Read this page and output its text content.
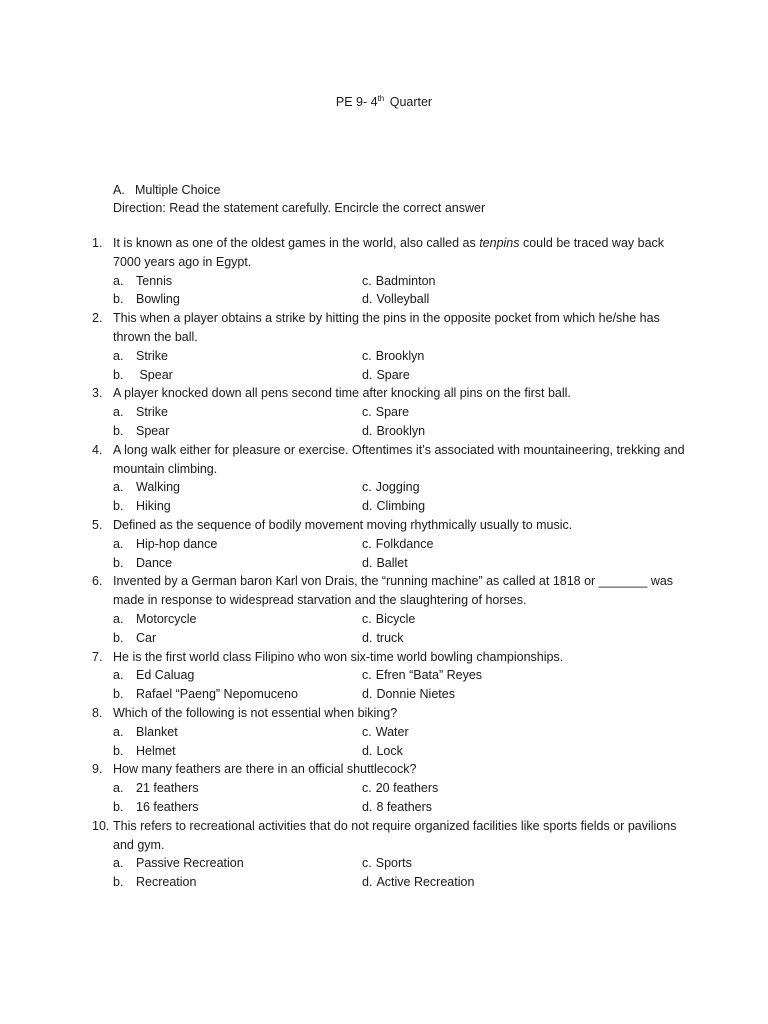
PE 9- 4th Quarter
A. Multiple Choice
Direction: Read the statement carefully. Encircle the correct answer
1. It is known as one of the oldest games in the world, also called as tenpins could be traced way back 7000 years ago in Egypt.
a.	Tennis	c. Badminton
b.	Bowling	d. Volleyball
2. This when a player obtains a strike by hitting the pins in the opposite pocket from which he/she has thrown the ball.
a.	Strike	c. Brooklyn
b.	Spear	d. Spare
3. A player knocked down all pens second time after knocking all pins on the first ball.
a.	Strike	c. Spare
b.	Spear	d. Brooklyn
4. A long walk either for pleasure or exercise. Oftentimes it’s associated with mountaineering, trekking and mountain climbing.
a.	Walking	c. Jogging
b.	Hiking	d. Climbing
5. Defined as the sequence of bodily movement moving rhythmically usually to music.
a.	Hip-hop dance	c. Folkdance
b.	Dance	d. Ballet
6. Invented by a German baron Karl von Drais, the “running machine” as called at 1818 or _______ was made in response to widespread starvation and the slaughtering of horses.
a.	Motorcycle	c. Bicycle
b.	Car	d. truck
7. He is the first world class Filipino who won six-time world bowling championships.
a.	Ed Caluag	c. Efren “Bata” Reyes
b.	Rafael “Paeng” Nepomuceno	d. Donnie Nietes
8. Which of the following is not essential when biking?
a.	Blanket	c. Water
b.	Helmet	d. Lock
9. How many feathers are there in an official shuttlecock?
a.	21 feathers	c. 20 feathers
b.	16 feathers	d. 8 feathers
10. This refers to recreational activities that do not require organized facilities like sports fields or pavilions and gym.
a.	Passive Recreation	c. Sports
b.	Recreation	d. Active Recreation
